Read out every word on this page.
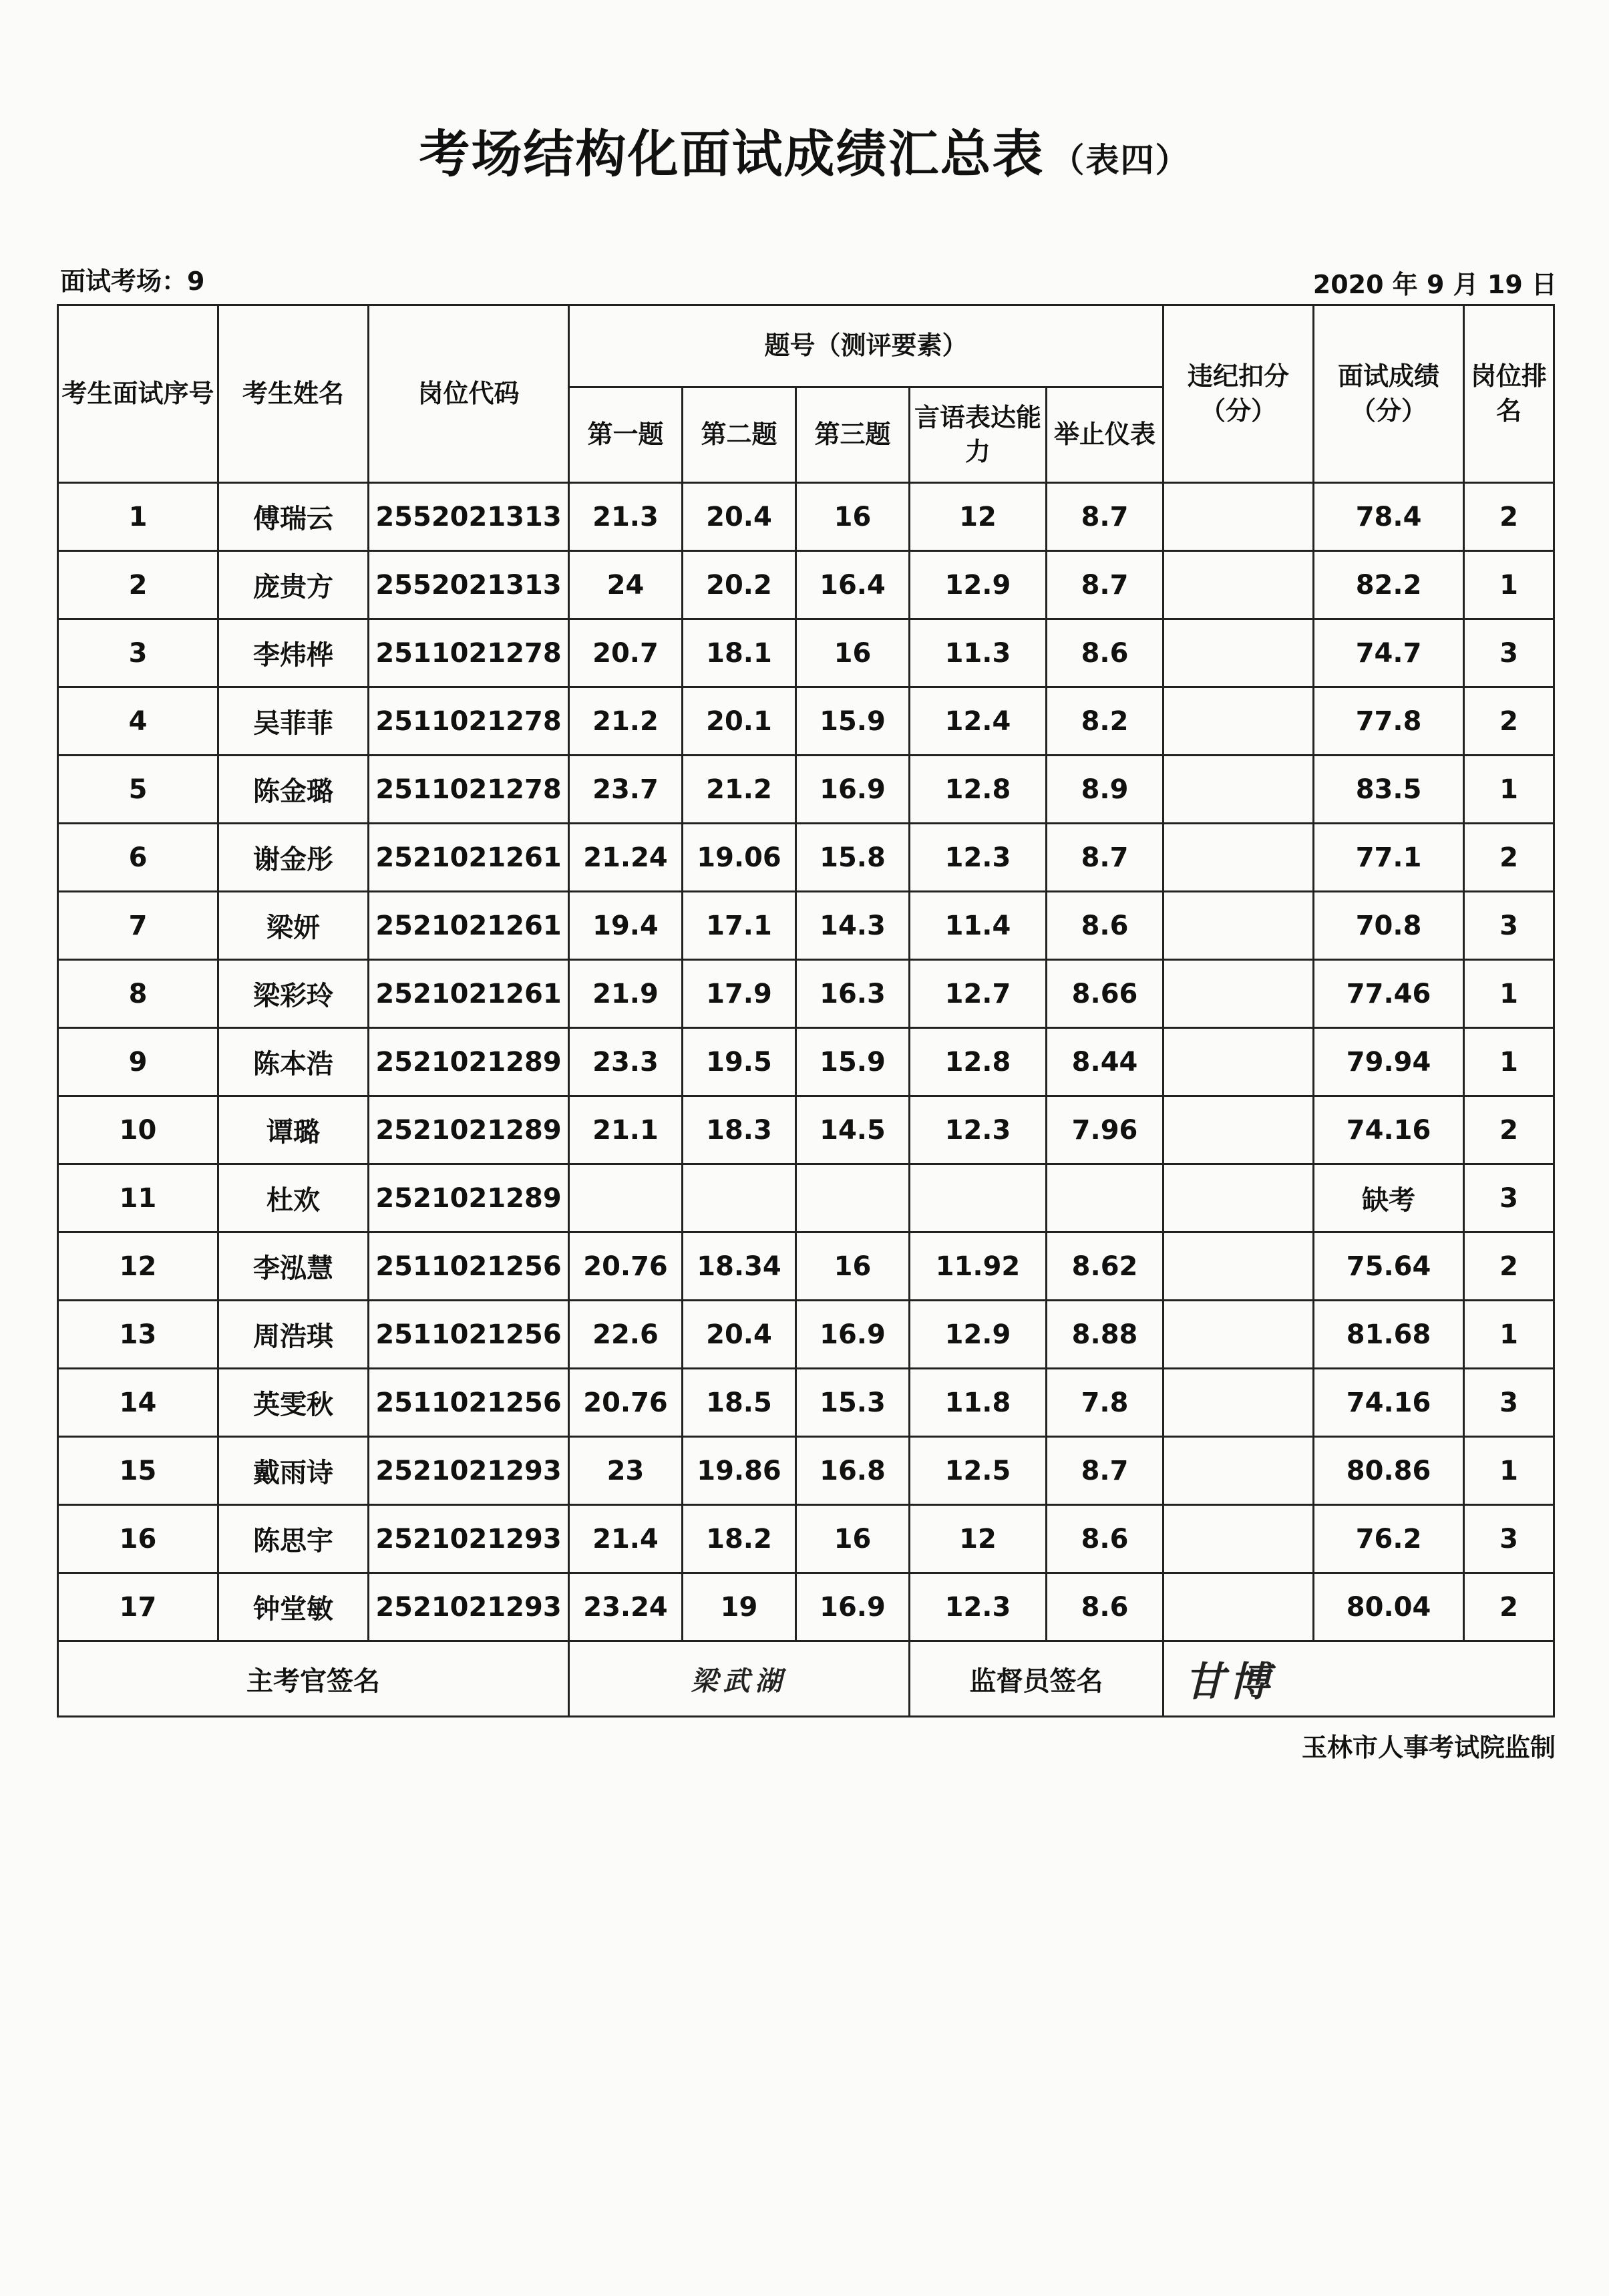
考场结构化面试成绩汇总表 （表四）
面试考场：9	2020 年 9 月 19 日
考生面试序号	考生姓名	岗位代码	题号（测评要素）					违纪扣分（分）	面试成绩（分）	岗位排名
			第一题	第二题	第三题	言语表达能力	举止仪表			
1	傅瑞云	2552021313	21.3	20.4	16	12	8.7		78.4	2
2	庞贵方	2552021313	24	20.2	16.4	12.9	8.7		82.2	1
3	李炜桦	2511021278	20.7	18.1	16	11.3	8.6		74.7	3
4	吴菲菲	2511021278	21.2	20.1	15.9	12.4	8.2		77.8	2
5	陈金璐	2511021278	23.7	21.2	16.9	12.8	8.9		83.5	1
6	谢金彤	2521021261	21.24	19.06	15.8	12.3	8.7		77.1	2
7	梁妍	2521021261	19.4	17.1	14.3	11.4	8.6		70.8	3
8	梁彩玲	2521021261	21.9	17.9	16.3	12.7	8.66		77.46	1
9	陈本浩	2521021289	23.3	19.5	15.9	12.8	8.44		79.94	1
10	谭璐	2521021289	21.1	18.3	14.5	12.3	7.96		74.16	2
11	杜欢	2521021289							缺考	3
12	李泓慧	2511021256	20.76	18.34	16	11.92	8.62		75.64	2
13	周浩琪	2511021256	22.6	20.4	16.9	12.9	8.88		81.68	1
14	英雯秋	2511021256	20.76	18.5	15.3	11.8	7.8		74.16	3
15	戴雨诗	2521021293	23	19.86	16.8	12.5	8.7		80.86	1
16	陈思宇	2521021293	21.4	18.2	16	12	8.6		76.2	3
17	钟堂敏	2521021293	23.24	19	16.9	12.3	8.6		80.04	2
主考官签名			梁武湖			监督员签名		甘博		
玉林市人事考试院监制
